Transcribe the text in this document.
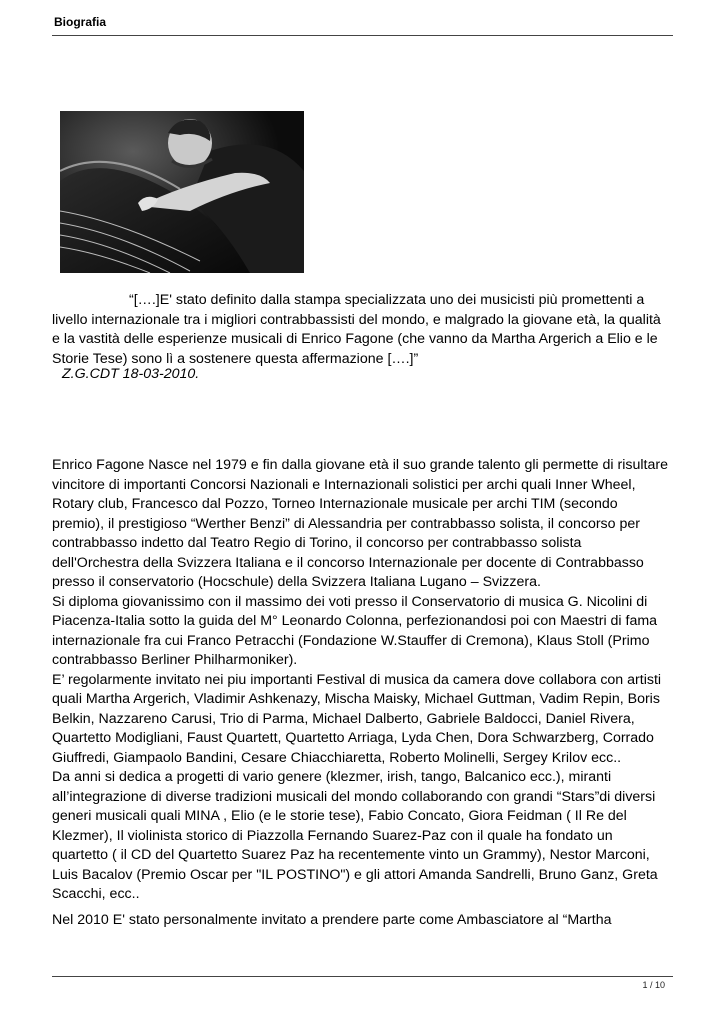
Biografia

“[….]E' stato definito dalla stampa specializzata uno dei musicisti più promettenti a livello internazionale tra i migliori contrabbassisti del mondo, e malgrado la giovane età, la qualità e la vastità delle esperienze musicali di Enrico Fagone (che vanno da Martha Argerich a Elio e le Storie Tese) sono lì a sostenere questa affermazione [….]”

Z.G.CDT 18-03-2010.

Enrico Fagone Nasce nel 1979 e fin dalla giovane età il suo grande talento gli permette di risultare vincitore di importanti Concorsi Nazionali e Internazionali solistici per archi quali Inner Wheel, Rotary club, Francesco dal Pozzo, Torneo Internazionale musicale per archi TIM (secondo premio), il prestigioso “Werther Benzi” di Alessandria per contrabbasso solista, il concorso per contrabbasso indetto dal Teatro Regio di Torino, il concorso per contrabbasso solista dell'Orchestra della Svizzera Italiana e il concorso Internazionale per docente di Contrabbasso presso il conservatorio (Hocschule) della Svizzera Italiana Lugano – Svizzera.

Si diploma giovanissimo con il massimo dei voti presso il Conservatorio di musica G. Nicolini di Piacenza-Italia sotto la guida del M° Leonardo Colonna, perfezionandosi poi con Maestri di fama internazionale fra cui Franco Petracchi (Fondazione W.Stauffer di Cremona), Klaus Stoll (Primo contrabbasso Berliner Philharmoniker).

E’ regolarmente invitato nei piu importanti Festival di musica da camera dove collabora con artisti quali Martha Argerich, Vladimir Ashkenazy, Mischa Maisky, Michael Guttman, Vadim Repin, Boris Belkin, Nazzareno Carusi, Trio di Parma, Michael Dalberto, Gabriele Baldocci, Daniel Rivera, Quartetto Modigliani, Faust Quartett, Quartetto Arriaga, Lyda Chen, Dora Schwarzberg, Corrado Giuffredi, Giampaolo Bandini, Cesare Chiacchiaretta, Roberto Molinelli, Sergey Krilov ecc..

Da anni si dedica a progetti di vario genere (klezmer, irish, tango, Balcanico ecc.), miranti all’integrazione di diverse tradizioni musicali del mondo collaborando con grandi “Stars”di diversi generi musicali quali MINA , Elio (e le storie tese), Fabio Concato, Giora Feidman ( Il Re del Klezmer), Il violinista storico di Piazzolla Fernando Suarez-Paz con il quale ha fondato un quartetto ( il CD del Quartetto Suarez Paz ha recentemente vinto un Grammy), Nestor Marconi, Luis Bacalov (Premio Oscar per "IL POSTINO") e gli attori Amanda Sandrelli, Bruno Ganz, Greta Scacchi, ecc..

Nel 2010 E' stato personalmente invitato a prendere parte come Ambasciatore al “Martha

1 / 10
